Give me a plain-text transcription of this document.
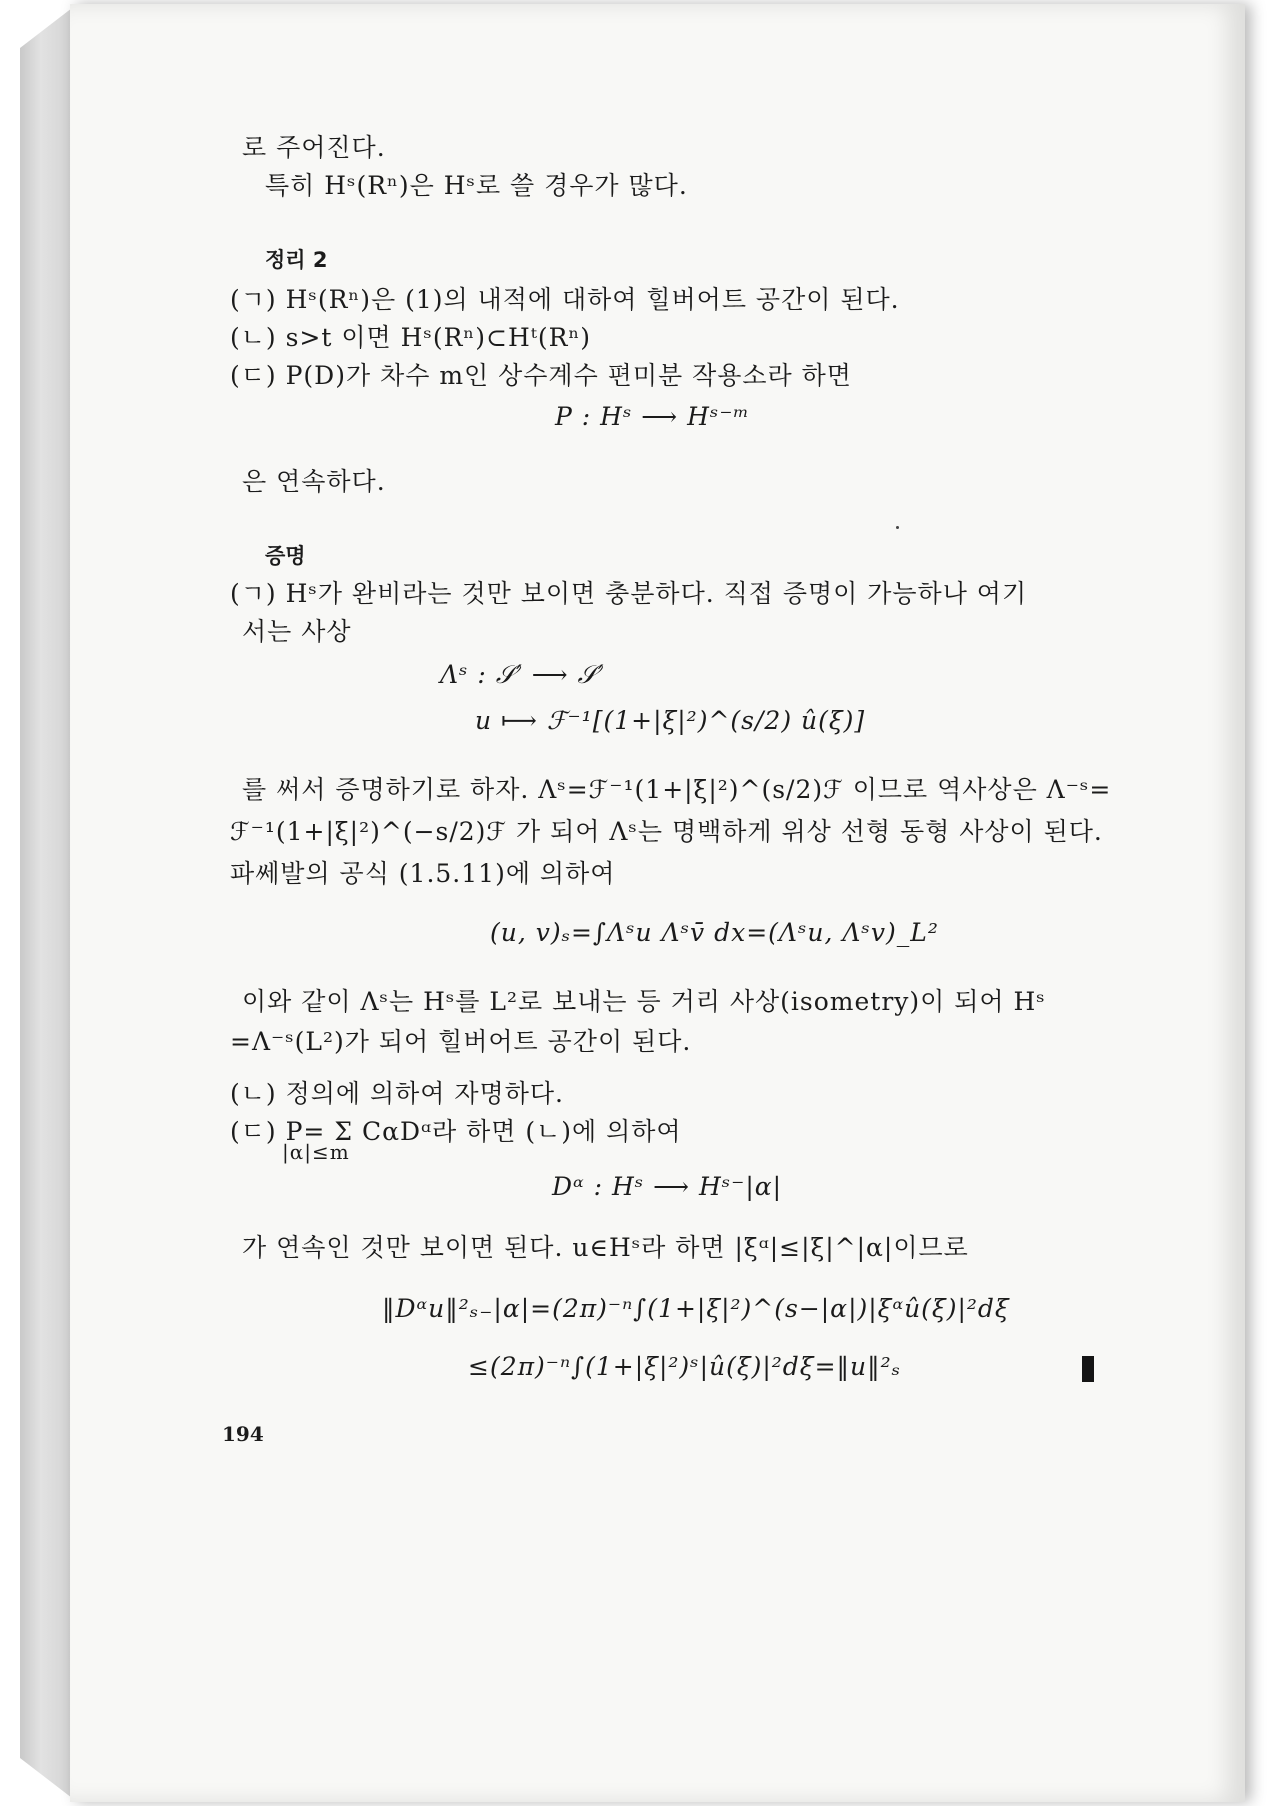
로 주어진다.
특히 Hˢ(Rⁿ)은 Hˢ로 쓸 경우가 많다.
정리 2
(ㄱ) Hˢ(Rⁿ)은 (1)의 내적에 대하여 힐버어트 공간이 된다.
(ㄴ) s>t 이면 Hˢ(Rⁿ)⊂Hᵗ(Rⁿ)
(ㄷ) P(D)가 차수 m인 상수계수 편미분 작용소라 하면
P : Hˢ ⟶ Hˢ⁻ᵐ
은 연속하다.
증명
(ㄱ) Hˢ가 완비라는 것만 보이면 충분하다. 직접 증명이 가능하나 여기
서는 사상
Λˢ : 𝒮′ ⟶ 𝒮′
u ⟼ ℱ⁻¹[(1+|ξ|²)^(s/2) û(ξ)]
를 써서 증명하기로 하자. Λˢ=ℱ⁻¹(1+|ξ|²)^(s/2)ℱ 이므로 역사상은 Λ⁻ˢ=
ℱ⁻¹(1+|ξ|²)^(−s/2)ℱ 가 되어 Λˢ는 명백하게 위상 선형 동형 사상이 된다.
파쎄발의 공식 (1.5.11)에 의하여
(u, v)ₛ=∫Λˢu Λˢv̄ dx=(Λˢu, Λˢv)_L²
이와 같이 Λˢ는 Hˢ를 L²로 보내는 등 거리 사상(isometry)이 되어 Hˢ
=Λ⁻ˢ(L²)가 되어 힐버어트 공간이 된다.
(ㄴ) 정의에 의하여 자명하다.
(ㄷ) P= Σ CαDᵅ라 하면 (ㄴ)에 의하여
|α|≤m
Dᵅ : Hˢ ⟶ Hˢ⁻|α|
가 연속인 것만 보이면 된다. u∈Hˢ라 하면 |ξᵅ|≤|ξ|^|α|이므로
‖Dᵅu‖²ₛ₋|α|=(2π)⁻ⁿ∫(1+|ξ|²)^(s−|α|)|ξᵅû(ξ)|²dξ
≤(2π)⁻ⁿ∫(1+|ξ|²)ˢ|û(ξ)|²dξ=‖u‖²ₛ
194
